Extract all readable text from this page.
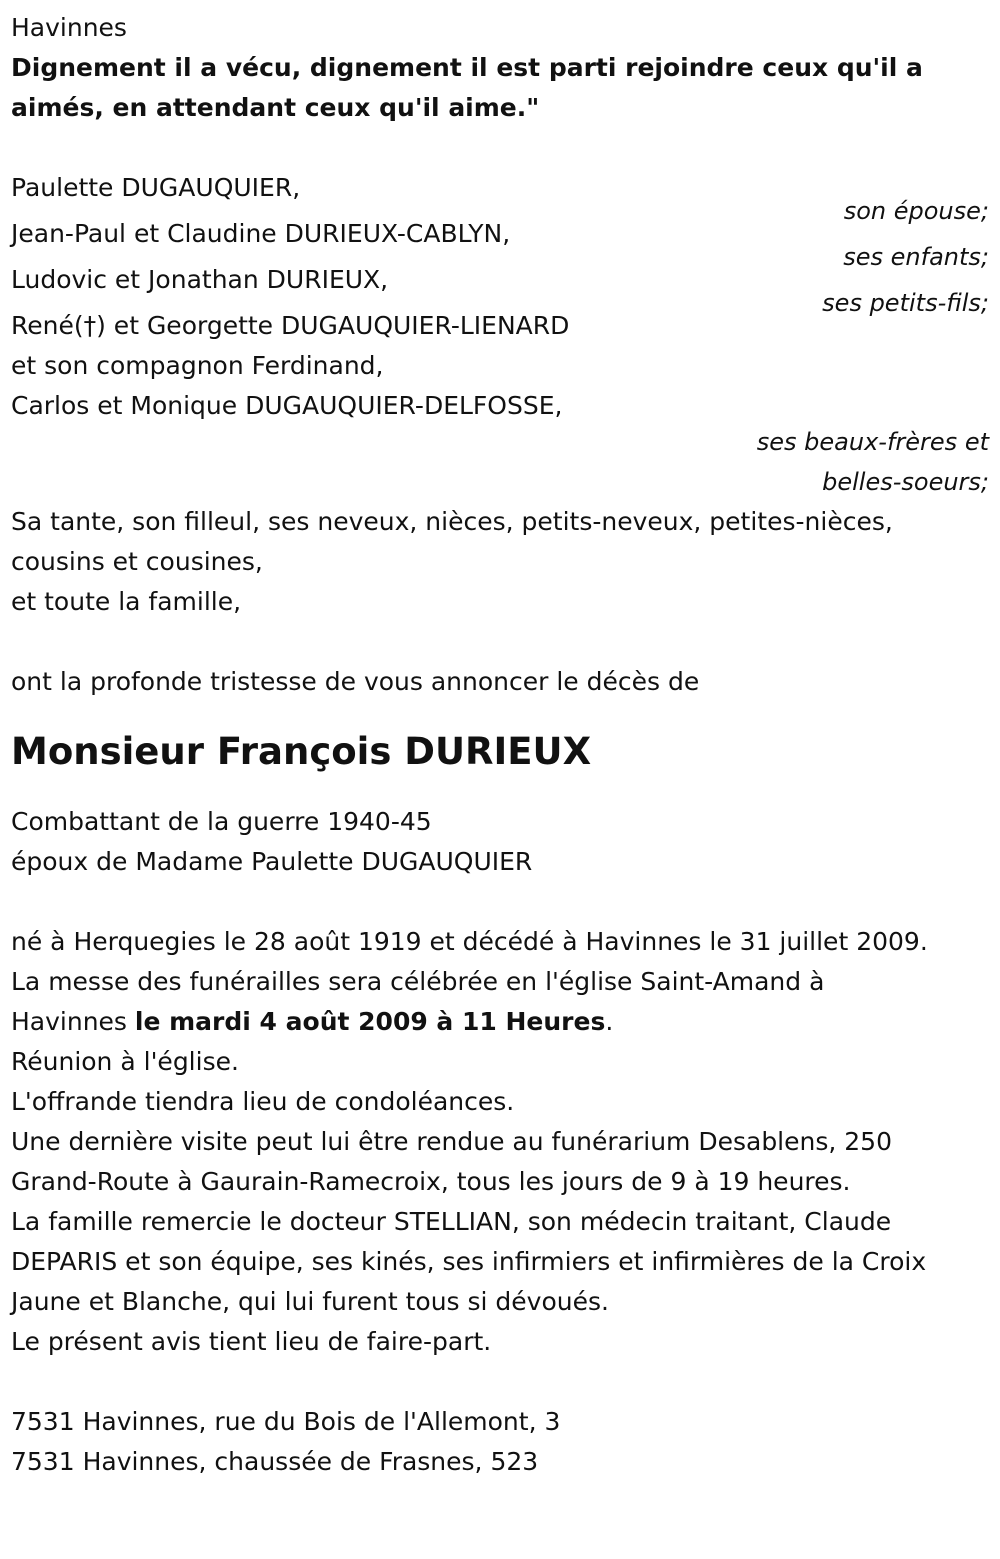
Havinnes
Dignement il a vécu, dignement il est parti rejoindre ceux qu'il a
aimés, en attendant ceux qu'il aime."
Paulette DUGAUQUIER,
son épouse;
Jean-Paul et Claudine DURIEUX-CABLYN,
ses enfants;
Ludovic et Jonathan DURIEUX,
ses petits-fils;
René(†) et Georgette DUGAUQUIER-LIENARD
et son compagnon Ferdinand,
Carlos et Monique DUGAUQUIER-DELFOSSE,
ses beaux-frères et
belles-soeurs;
Sa tante, son filleul, ses neveux, nièces, petits-neveux, petites-nièces,
cousins et cousines,
et toute la famille,
ont la profonde tristesse de vous annoncer le décès de
Monsieur François DURIEUX
Combattant de la guerre 1940-45
époux de Madame Paulette DUGAUQUIER
né à Herquegies le 28 août 1919 et décédé à Havinnes le 31 juillet 2009.
La messe des funérailles sera célébrée en l'église Saint-Amand à
Havinnes le mardi 4 août 2009 à 11 Heures.
Réunion à l'église.
L'offrande tiendra lieu de condoléances.
Une dernière visite peut lui être rendue au funérarium Desablens, 250
Grand-Route à Gaurain-Ramecroix, tous les jours de 9 à 19 heures.
La famille remercie le docteur STELLIAN, son médecin traitant, Claude
DEPARIS et son équipe, ses kinés, ses infirmiers et infirmières de la Croix
Jaune et Blanche, qui lui furent tous si dévoués.
Le présent avis tient lieu de faire-part.
7531 Havinnes, rue du Bois de l'Allemont, 3
7531 Havinnes, chaussée de Frasnes, 523
